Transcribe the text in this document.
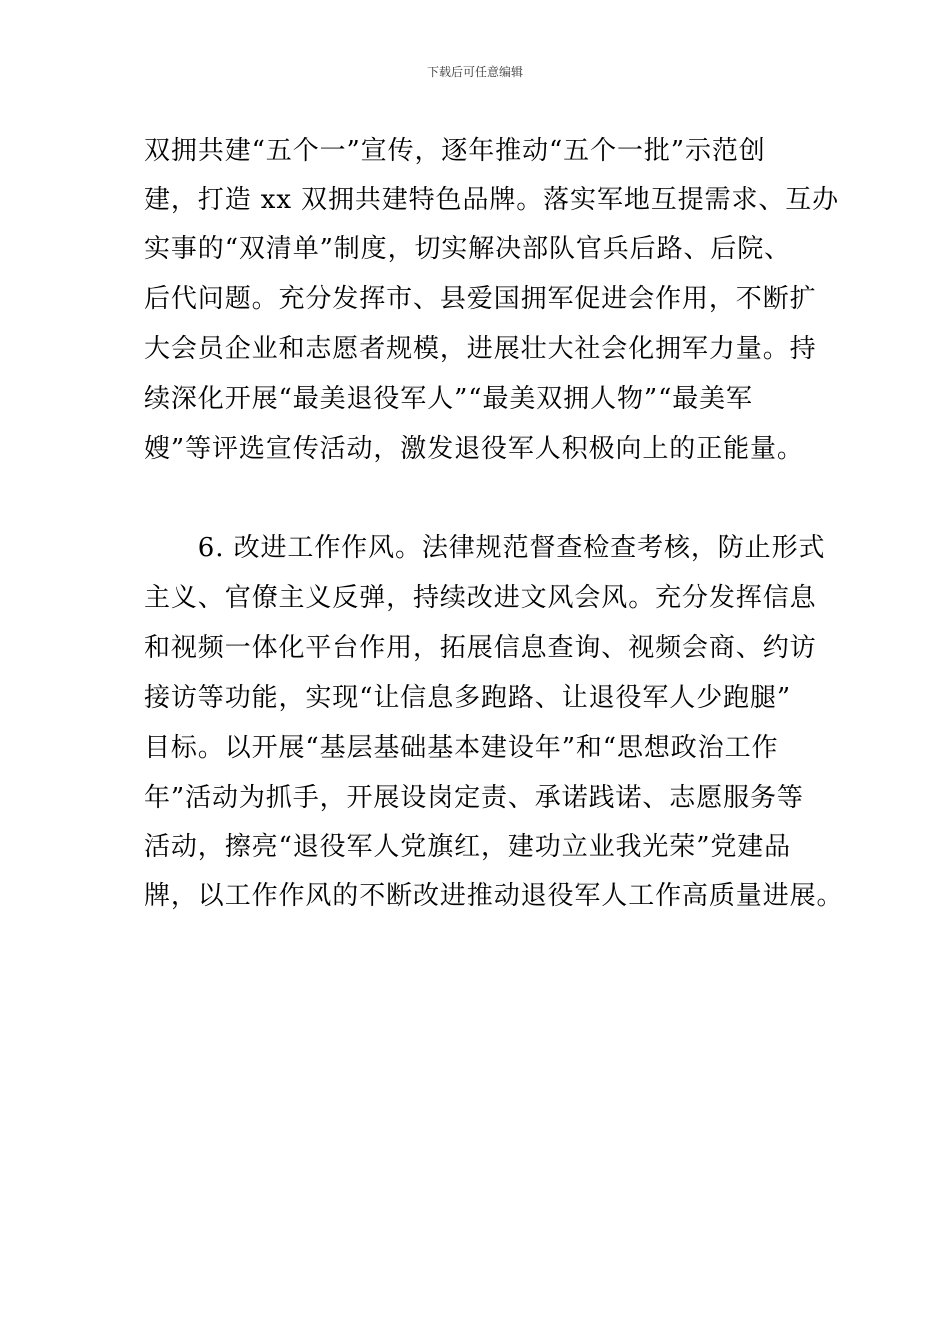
下载后可任意编辑
双拥共建“五个一”宣传，逐年推动“五个一批”示范创
建，打造 xx 双拥共建特色品牌。落实军地互提需求、互办
实事的“双清单”制度，切实解决部队官兵后路、后院、
后代问题。充分发挥市、县爱国拥军促进会作用，不断扩
大会员企业和志愿者规模，进展壮大社会化拥军力量。持
续深化开展“最美退役军人”“最美双拥人物”“最美军
嫂”等评选宣传活动，激发退役军人积极向上的正能量。
　　6. 改进工作作风。法律规范督查检查考核，防止形式
主义、官僚主义反弹，持续改进文风会风。充分发挥信息
和视频一体化平台作用，拓展信息查询、视频会商、约访
接访等功能，实现“让信息多跑路、让退役军人少跑腿”
目标。以开展“基层基础基本建设年”和“思想政治工作
年”活动为抓手，开展设岗定责、承诺践诺、志愿服务等
活动，擦亮“退役军人党旗红，建功立业我光荣”党建品
牌，以工作作风的不断改进推动退役军人工作高质量进展。
